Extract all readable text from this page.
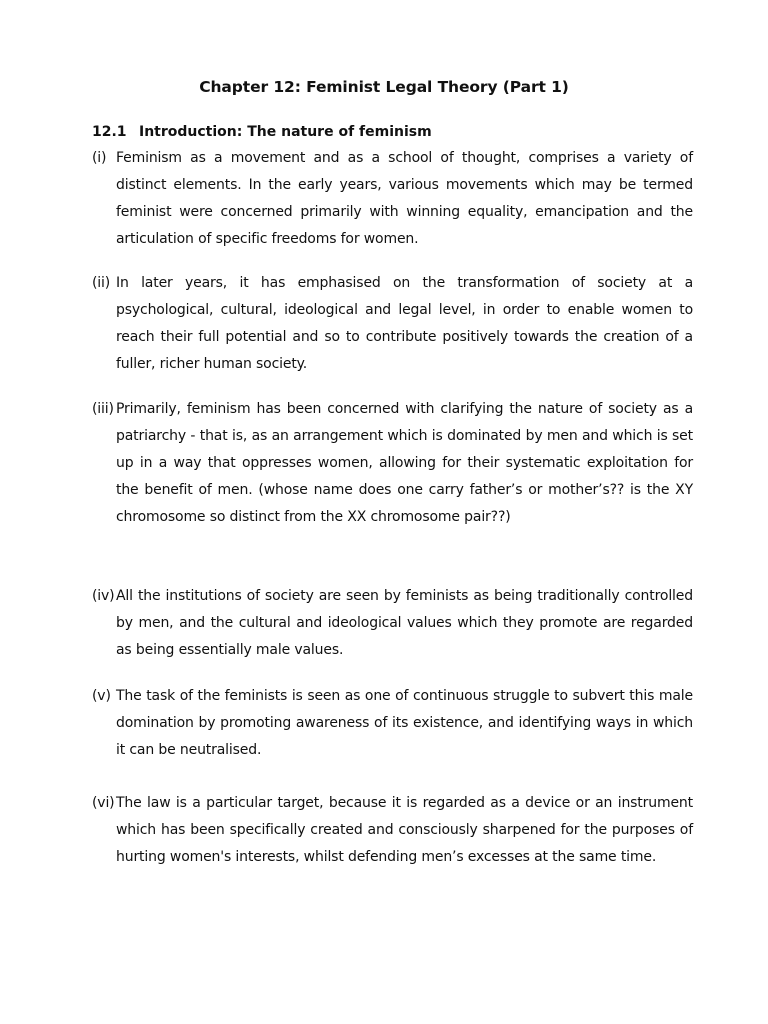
Chapter 12: Feminist Legal Theory (Part 1)
12.1 Introduction: The nature of feminism
(i) Feminism as a movement and as a school of thought, comprises a variety of distinct elements. In the early years, various movements which may be termed feminist were concerned primarily with winning equality, emancipation and the articulation of specific freedoms for women.
(ii) In later years, it has emphasised on the transformation of society at a psychological, cultural, ideological and legal level, in order to enable women to reach their full potential and so to contribute positively towards the creation of a fuller, richer human society.
(iii) Primarily, feminism has been concerned with clarifying the nature of society as a patriarchy - that is, as an arrangement which is dominated by men and which is set up in a way that oppresses women, allowing for their systematic exploitation for the benefit of men. (whose name does one carry father’s or mother’s?? is the XY chromosome so distinct from the XX chromosome pair??)
(iv) All the institutions of society are seen by feminists as being traditionally controlled by men, and the cultural and ideological values which they promote are regarded as being essentially male values.
(v) The task of the feminists is seen as one of continuous struggle to subvert this male domination by promoting awareness of its existence, and identifying ways in which it can be neutralised.
(vi) The law is a particular target, because it is regarded as a device or an instrument which has been specifically created and consciously sharpened for the purposes of hurting women's interests, whilst defending men’s excesses at the same time.
